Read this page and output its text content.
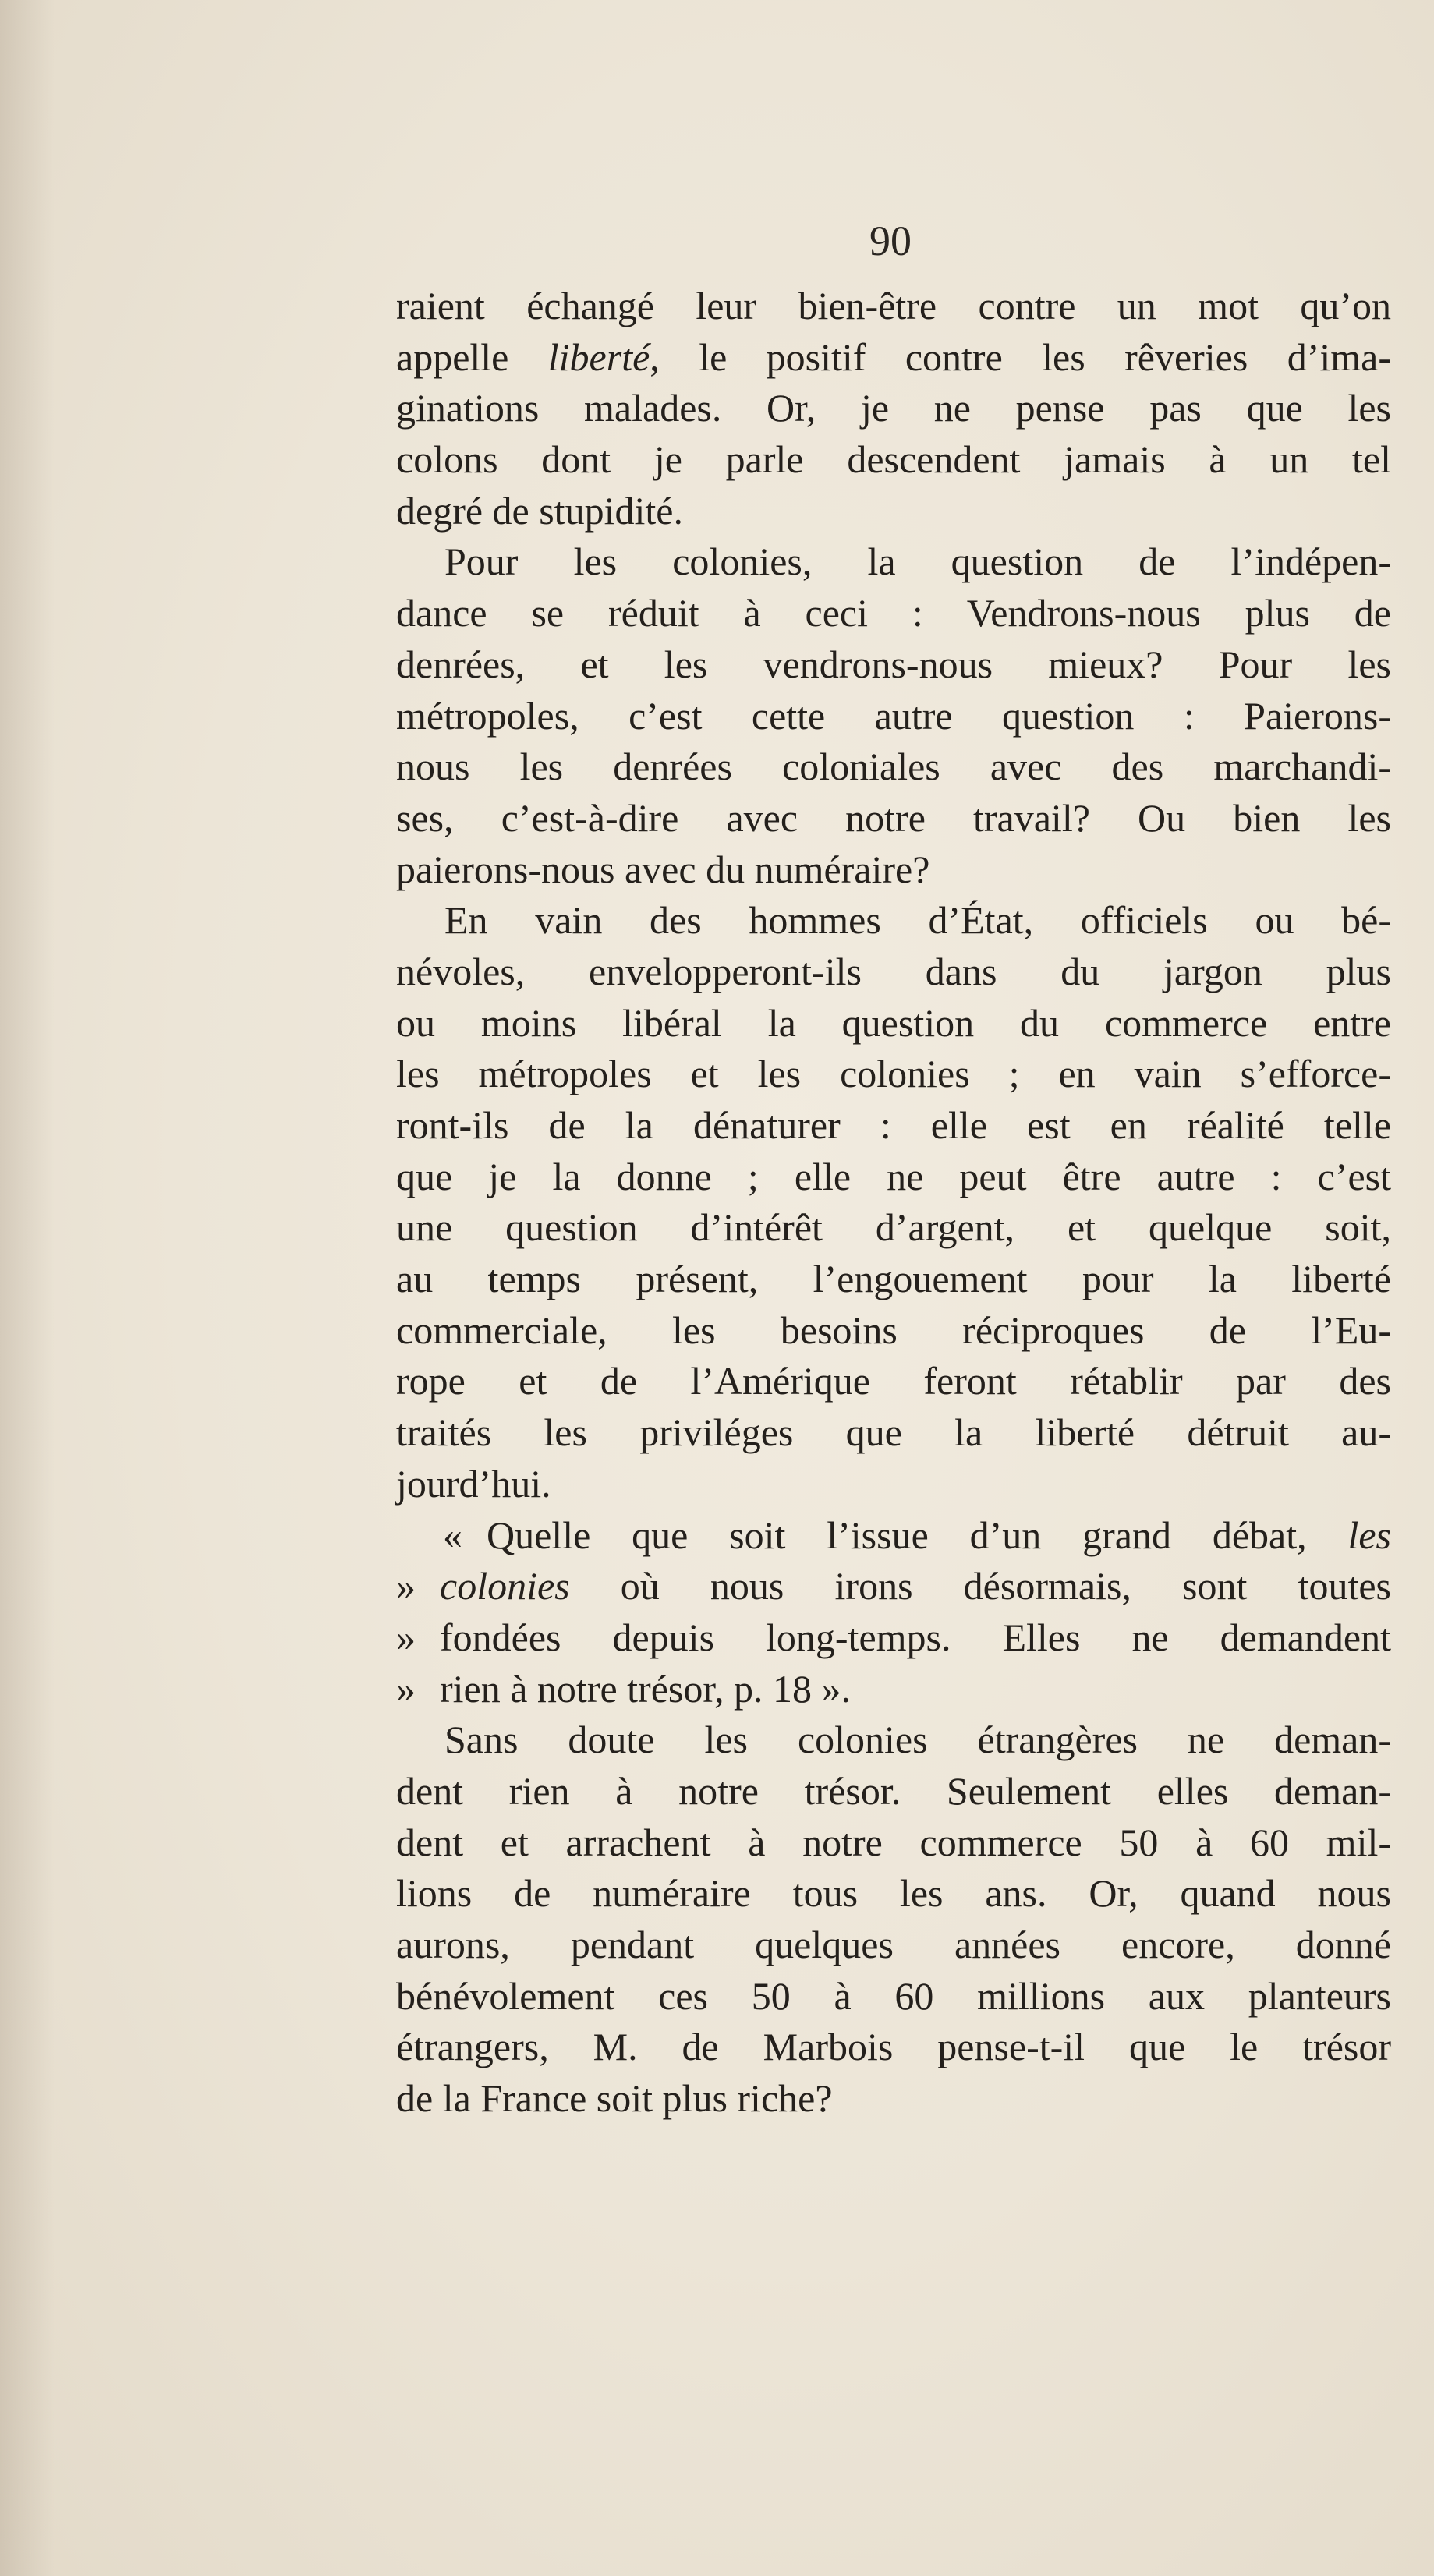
90
raient échangé leur bien-être contre un mot qu’on
appelle liberté, le positif contre les rêveries d’ima-
ginations malades. Or, je ne pense pas que les
colons dont je parle descendent jamais à un tel
degré de stupidité.
Pour les colonies, la question de l’indépen-
dance se réduit à ceci : Vendrons-nous plus de
denrées, et les vendrons-nous mieux? Pour les
métropoles, c’est cette autre question : Paierons-
nous les denrées coloniales avec des marchandi-
ses, c’est-à-dire avec notre travail? Ou bien les
paierons-nous avec du numéraire?
En vain des hommes d’État, officiels ou bé-
névoles, envelopperont-ils dans du jargon plus
ou moins libéral la question du commerce entre
les métropoles et les colonies ; en vain s’efforce-
ront-ils de la dénaturer : elle est en réalité telle
que je la donne ; elle ne peut être autre : c’est
une question d’intérêt d’argent, et quelque soit,
au temps présent, l’engouement pour la liberté
commerciale, les besoins réciproques de l’Eu-
rope et de l’Amérique feront rétablir par des
traités les priviléges que la liberté détruit au-
jourd’hui.
« Quelle que soit l’issue d’un grand débat, les
» colonies où nous irons désormais, sont toutes
» fondées depuis long-temps. Elles ne demandent
» rien à notre trésor, p. 18 ».
Sans doute les colonies étrangères ne deman-
dent rien à notre trésor. Seulement elles deman-
dent et arrachent à notre commerce 50 à 60 mil-
lions de numéraire tous les ans. Or, quand nous
aurons, pendant quelques années encore, donné
bénévolement ces 50 à 60 millions aux planteurs
étrangers, M. de Marbois pense-t-il que le trésor
de la France soit plus riche?
